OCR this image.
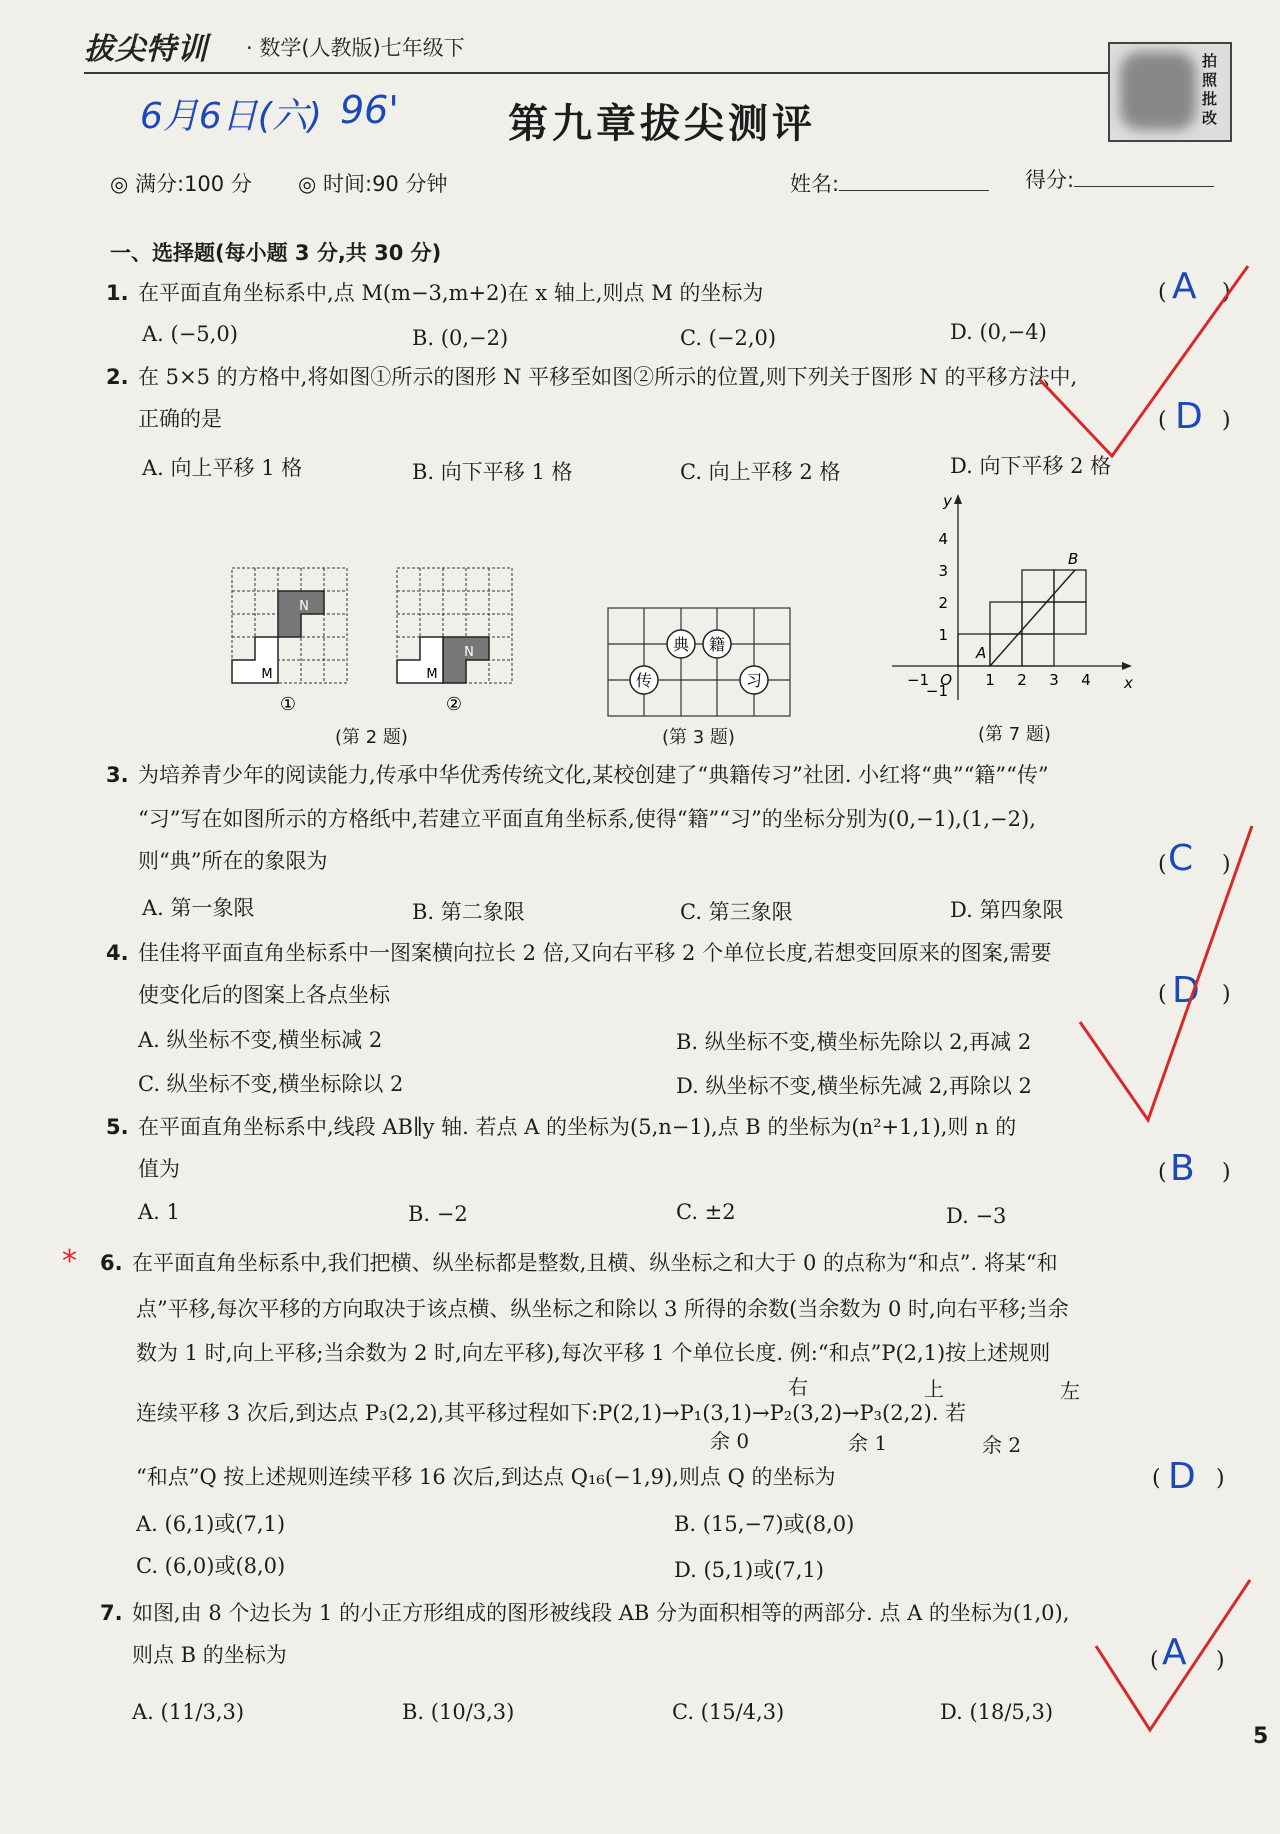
拔尖特训 · 数学(人教版)七年级下
拍
照
批
改
6月6日(六) 96'	第九章拔尖测评
◎ 满分:100 分 ◎ 时间:90 分钟	姓名:	得分:
一、选择题(每小题 3 分,共 30 分)
1. 在平面直角坐标系中,点 M(m−3,m+2)在 x 轴上,则点 M 的坐标为	(	)
A
A. (−5,0)	B. (0,−2)	C. (−2,0)	D. (0,−4)
2. 在 5×5 的方格中,将如图①所示的图形 N 平移至如图②所示的位置,则下列关于图形 N 的平移方法中,
正确的是	(	)
D
A. 向上平移 1 格	B. 向下平移 1 格	C. 向上平移 2 格	D. 向下平移 2 格
N
M
①
N
M
②
典 籍
传	习
(第 2 题)	(第 3 题)
y
x
O
A
B
−1	1 2 3 4
4
3
2
1
−1
(第 7 题)
3. 为培养青少年的阅读能力,传承中华优秀传统文化,某校创建了“典籍传习”社团. 小红将“典”“籍”“传”
“习”写在如图所示的方格纸中,若建立平面直角坐标系,使得“籍”“习”的坐标分别为(0,−1),(1,−2),
则“典”所在的象限为	(	)
C
A. 第一象限	B. 第二象限	C. 第三象限	D. 第四象限
4. 佳佳将平面直角坐标系中一图案横向拉长 2 倍,又向右平移 2 个单位长度,若想变回原来的图案,需要
使变化后的图案上各点坐标	(	)
D
A. 纵坐标不变,横坐标减 2	B. 纵坐标不变,横坐标先除以 2,再减 2
C. 纵坐标不变,横坐标除以 2	D. 纵坐标不变,横坐标先减 2,再除以 2
5. 在平面直角坐标系中,线段 AB∥y 轴. 若点 A 的坐标为(5,n−1),点 B 的坐标为(n²+1,1),则 n 的
值为	(	)
B
A. 1	B. −2	C. ±2	D. −3
* 6. 在平面直角坐标系中,我们把横、纵坐标都是整数,且横、纵坐标之和大于 0 的点称为“和点”. 将某“和
点”平移,每次平移的方向取决于该点横、纵坐标之和除以 3 所得的余数(当余数为 0 时,向右平移;当余
数为 1 时,向上平移;当余数为 2 时,向左平移),每次平移 1 个单位长度. 例:“和点”P(2,1)按上述规则
连续平移 3 次后,到达点 P₃(2,2),其平移过程如下:P(2,1)→P₁(3,1)→P₂(3,2)→P₃(2,2). 若
右
余 0
上
余 1
左
余 2
“和点”Q 按上述规则连续平移 16 次后,到达点 Q₁₆(−1,9),则点 Q 的坐标为	(	)
D
A. (6,1)或(7,1)	B. (15,−7)或(8,0)
C. (6,0)或(8,0)	D. (5,1)或(7,1)
7. 如图,由 8 个边长为 1 的小正方形组成的图形被线段 AB 分为面积相等的两部分. 点 A 的坐标为(1,0),
则点 B 的坐标为	(	)
A
A. (11/3,3)	B. (10/3,3)	C. (15/4,3)	D. (18/5,3)
5
